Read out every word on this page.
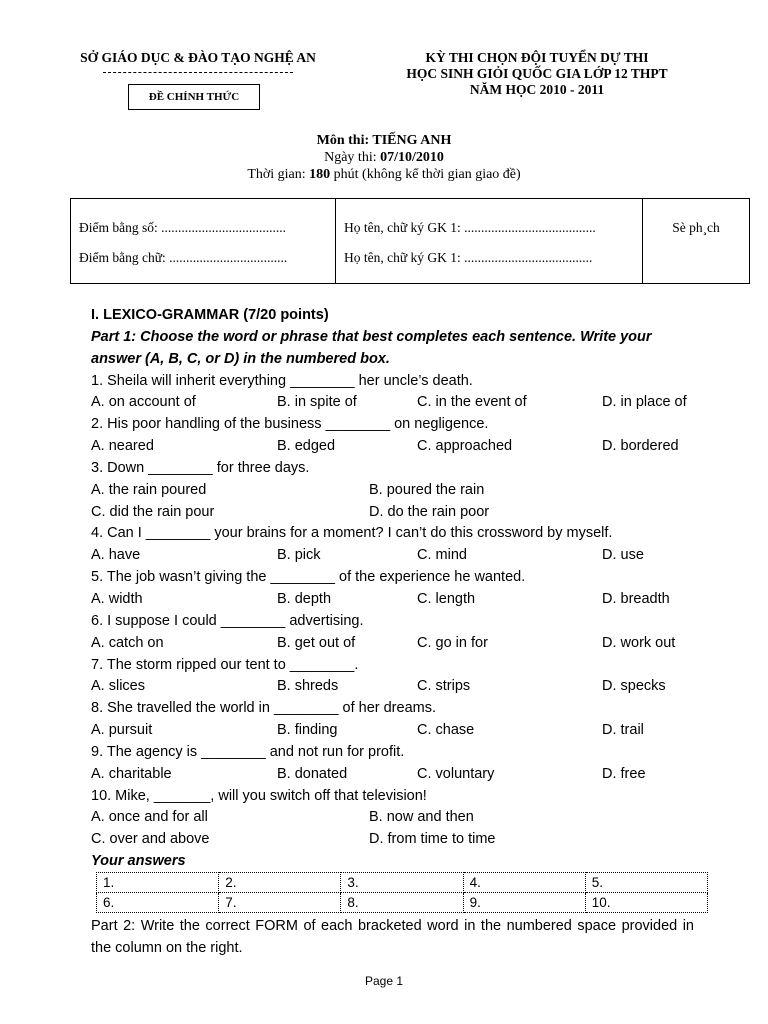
SỞ GIÁO DỤC & ĐÀO TẠO NGHỆ AN
ĐỀ CHÍNH THỨC
KỲ THI CHỌN ĐỘI TUYỂN DỰ THI
HỌC SINH GIỎI QUỐC GIA LỚP 12 THPT
NĂM HỌC 2010 - 2011
Môn thi: TIẾNG ANH
Ngày thi: 07/10/2010
Thời gian: 180 phút (không kể thời gian giao đề)
Điểm bằng số: .....................................
Điểm bằng chữ: ...................................

Họ tên, chữ ký GK 1: .......................................
Họ tên, chữ ký GK 1: ......................................

Sè ph¸ch
I. LEXICO-GRAMMAR (7/20 points)
Part 1: Choose the word or phrase that best completes each sentence. Write your answer (A, B, C, or D) in the numbered box.
1. Sheila will inherit everything ________ her uncle’s death.
A. on account of	B. in spite of	C. in the event of	D. in place of
2. His poor handling of the business ________ on negligence.
A. neared	B. edged	C. approached	D. bordered
3. Down ________ for three days.
A. the rain poured	B. poured the rain
C. did the rain pour	D. do the rain poor
4. Can I ________ your brains for a moment? I can’t do this crossword by myself.
A. have	B. pick	C. mind	D. use
5. The job wasn’t giving the ________ of the experience he wanted.
A. width	B. depth	C. length	D. breadth
6. I suppose I could ________ advertising.
A. catch on	B. get out of	C. go in for	D. work out
7. The storm ripped our tent to ________.
A. slices	B. shreds	C. strips	D. specks
8. She travelled the world in ________ of her dreams.
A. pursuit	B. finding	C. chase	D. trail
9. The agency is ________ and not run for profit.
A. charitable	B. donated	C. voluntary	D. free
10. Mike, _______, will you switch off that television!
A. once and for all	B. now and then
C. over and above	D. from time to time
Your answers
1.	2.	3.	4.	5.
6.	7.	8.	9.	10.
Part 2: Write the correct FORM of each bracketed word in the numbered space provided in the column on the right.
Page 1
